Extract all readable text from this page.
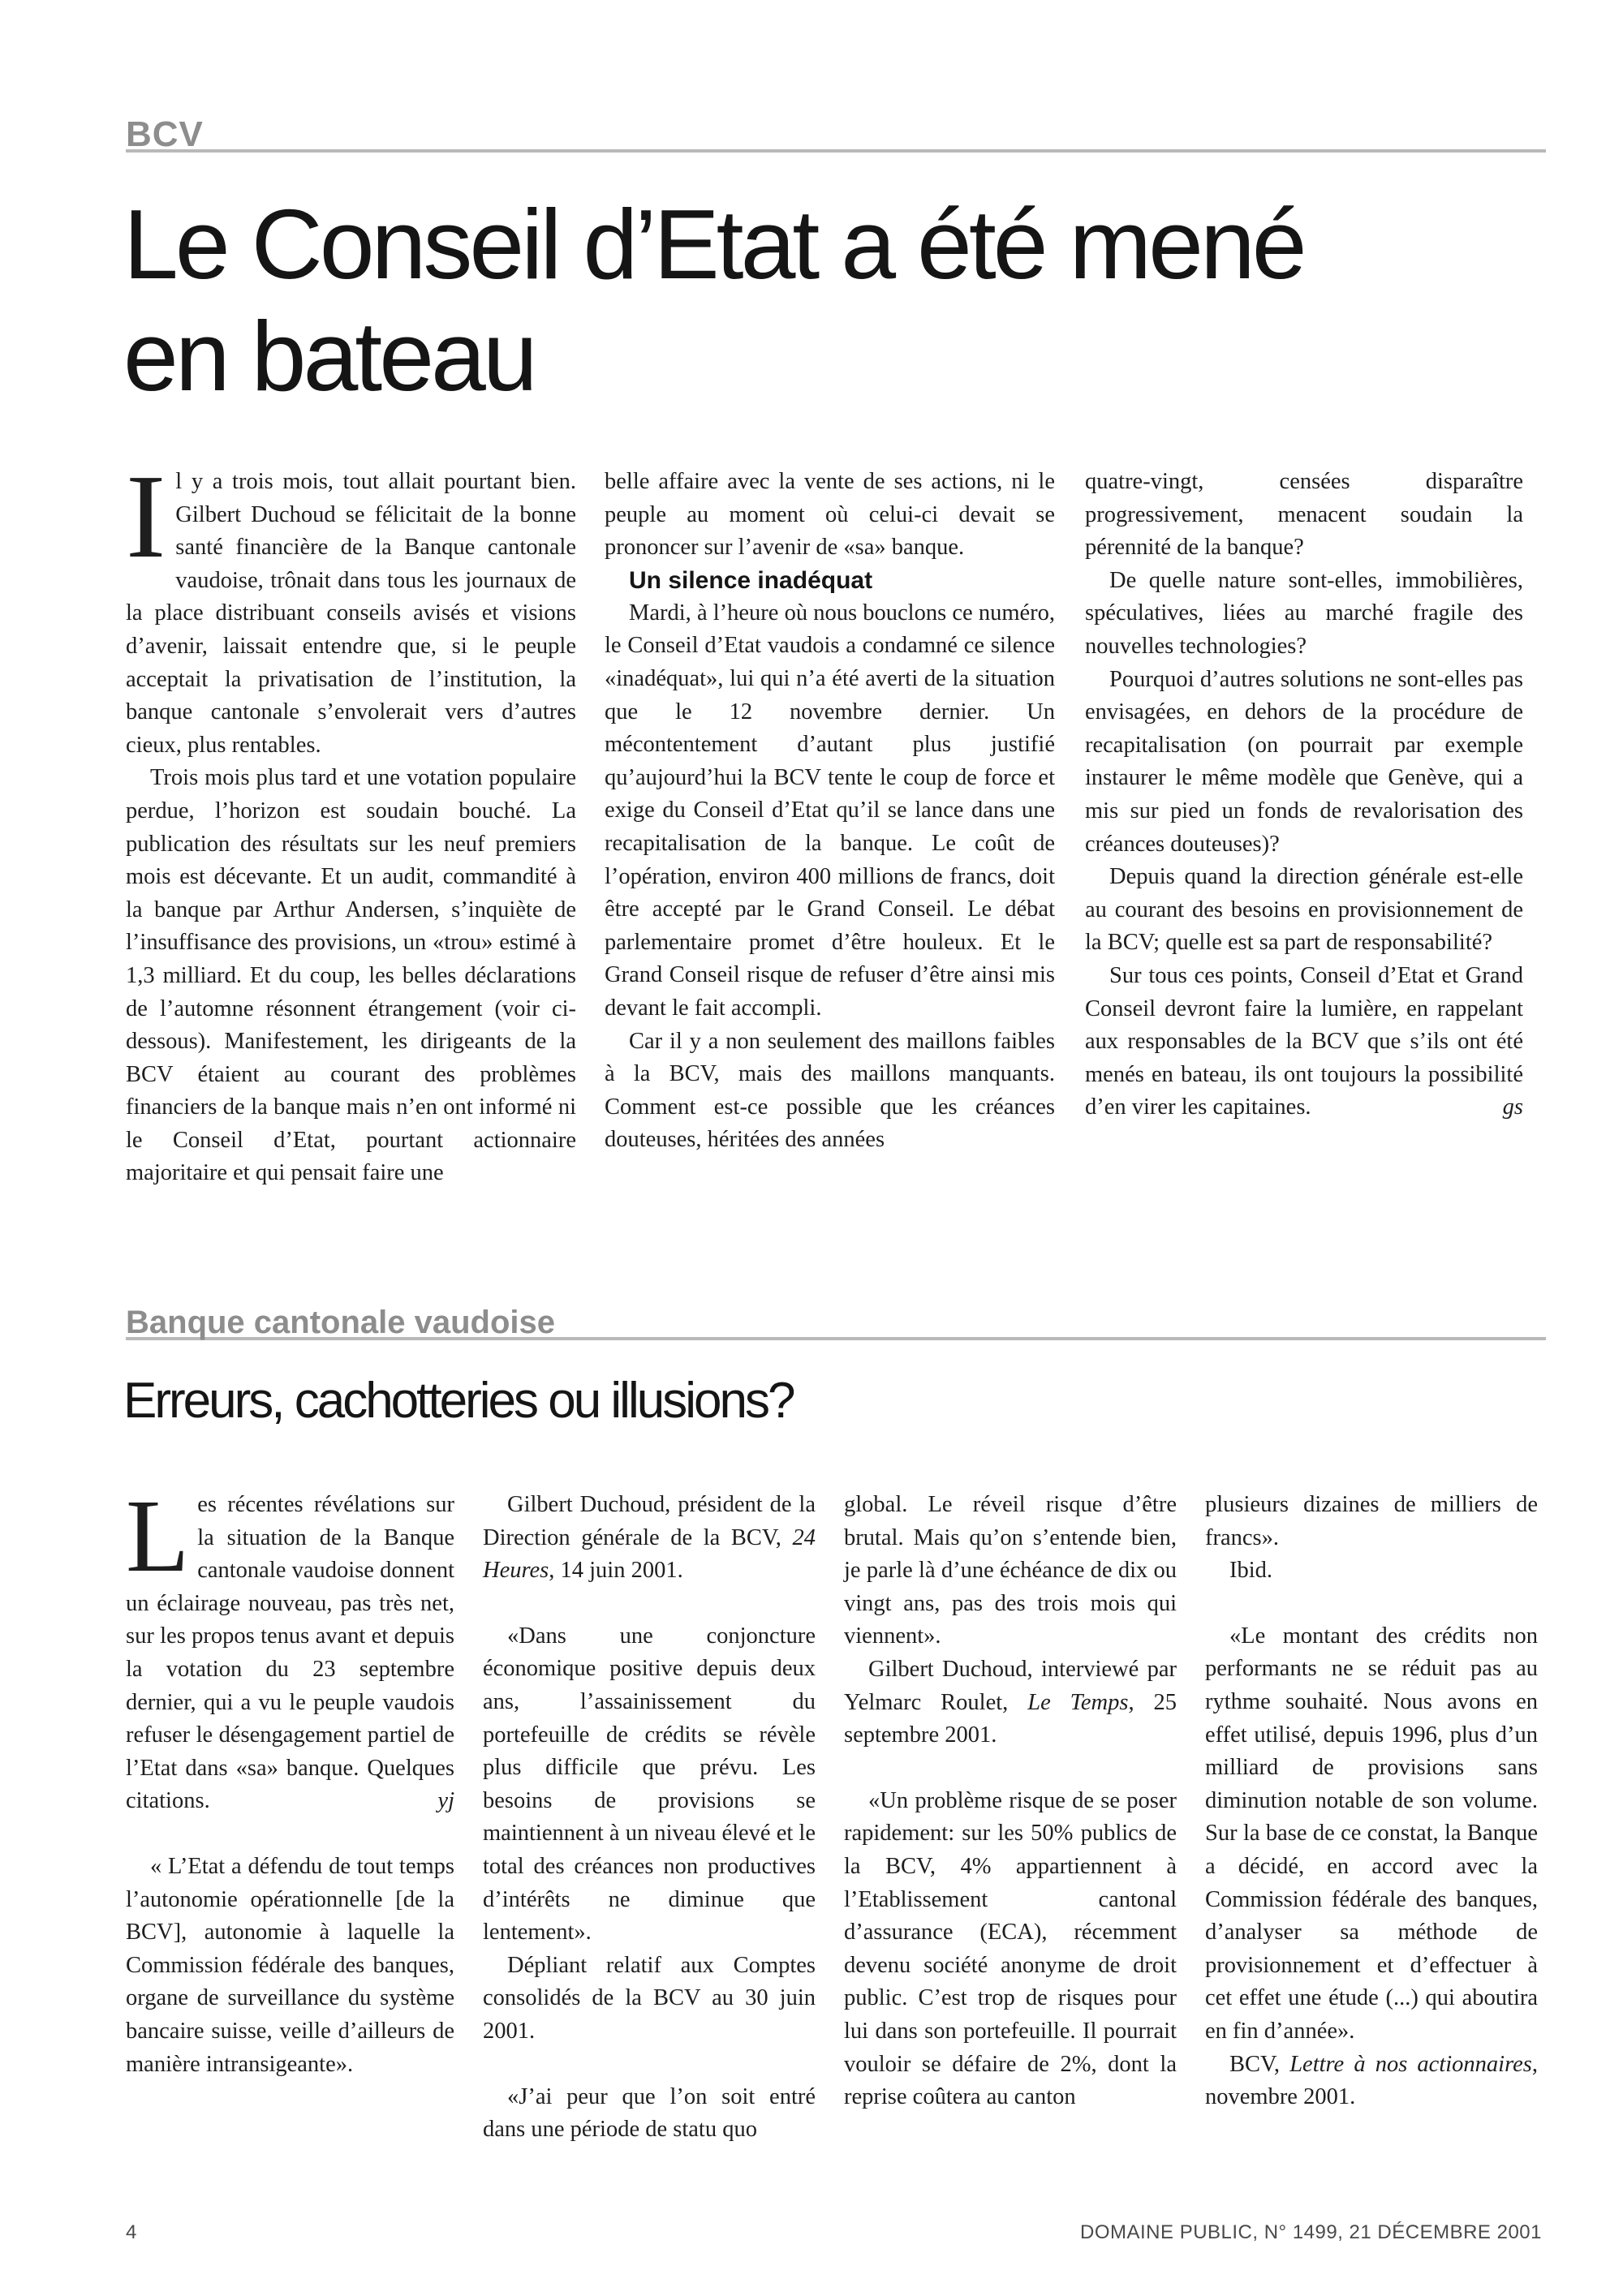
BCV
Le Conseil d’Etat a été mené
en bateau

Il y a trois mois, tout allait pourtant bien. Gilbert Duchoud se félicitait de la bonne santé financière de la Banque cantonale vaudoise, trônait dans tous les journaux de la place distribuant conseils avisés et visions d’avenir, laissait entendre que, si le peuple acceptait la privatisation de l’institution, la banque cantonale s’envolerait vers d’autres cieux, plus rentables.

Trois mois plus tard et une votation populaire perdue, l’horizon est soudain bouché. La publication des résultats sur les neuf premiers mois est décevante. Et un audit, commandité à la banque par Arthur Andersen, s’inquiète de l’insuffisance des provisions, un «trou» estimé à 1,3 milliard. Et du coup, les belles déclarations de l’automne résonnent étrangement (voir ci-dessous). Manifestement, les dirigeants de la BCV étaient au courant des problèmes financiers de la banque mais n’en ont informé ni le Conseil d’Etat, pourtant actionnaire majoritaire et qui pensait faire une

belle affaire avec la vente de ses actions, ni le peuple au moment où celui-ci devait se prononcer sur l’avenir de «sa» banque.

Un silence inadéquat

Mardi, à l’heure où nous bouclons ce numéro, le Conseil d’Etat vaudois a condamné ce silence «inadéquat», lui qui n’a été averti de la situation que le 12 novembre dernier. Un mécontentement d’autant plus justifié qu’aujourd’hui la BCV tente le coup de force et exige du Conseil d’Etat qu’il se lance dans une recapitalisation de la banque. Le coût de l’opération, environ 400 millions de francs, doit être accepté par le Grand Conseil. Le débat parlementaire promet d’être houleux. Et le Grand Conseil risque de refuser d’être ainsi mis devant le fait accompli.

Car il y a non seulement des maillons faibles à la BCV, mais des maillons manquants. Comment est-ce possible que les créances douteuses, héritées des années

quatre-vingt, censées disparaître progressivement, menacent soudain la pérennité de la banque?

De quelle nature sont-elles, immobilières, spéculatives, liées au marché fragile des nouvelles technologies?

Pourquoi d’autres solutions ne sont-elles pas envisagées, en dehors de la procédure de recapitalisation (on pourrait par exemple instaurer le même modèle que Genève, qui a mis sur pied un fonds de revalorisation des créances douteuses)?

Depuis quand la direction générale est-elle au courant des besoins en provisionnement de la BCV; quelle est sa part de responsabilité?

Sur tous ces points, Conseil d’Etat et Grand Conseil devront faire la lumière, en rappelant aux responsables de la BCV que s’ils ont été menés en bateau, ils ont toujours la possibilité d’en virer les capitaines.	gs

Banque cantonale vaudoise
Erreurs, cachotteries ou illusions?

Les récentes révélations sur la situation de la Banque cantonale vaudoise donnent un éclairage nouveau, pas très net, sur les propos tenus avant et depuis la votation du 23 septembre dernier, qui a vu le peuple vaudois refuser le désengagement partiel de l’Etat dans «sa» banque. Quelques citations.	yj

« L’Etat a défendu de tout temps l’autonomie opérationnelle [de la BCV], autonomie à laquelle la Commission fédérale des banques, organe de surveillance du système bancaire suisse, veille d’ailleurs de manière intransigeante».

Gilbert Duchoud, président de la Direction générale de la BCV, 24 Heures, 14 juin 2001.

«Dans une conjoncture économique positive depuis deux ans, l’assainissement du portefeuille de crédits se révèle plus difficile que prévu. Les besoins de provisions se maintiennent à un niveau élevé et le total des créances non productives d’intérêts ne diminue que lentement».

Dépliant relatif aux Comptes consolidés de la BCV au 30 juin 2001.

«J’ai peur que l’on soit entré dans une période de statu quo

global. Le réveil risque d’être brutal. Mais qu’on s’entende bien, je parle là d’une échéance de dix ou vingt ans, pas des trois mois qui viennent».

Gilbert Duchoud, interviewé par Yelmarc Roulet, Le Temps, 25 septembre 2001.

«Un problème risque de se poser rapidement: sur les 50% publics de la BCV, 4% appartiennent à l’Etablissement cantonal d’assurance (ECA), récemment devenu société anonyme de droit public. C’est trop de risques pour lui dans son portefeuille. Il pourrait vouloir se défaire de 2%, dont la reprise coûtera au canton

plusieurs dizaines de milliers de francs».

Ibid.

«Le montant des crédits non performants ne se réduit pas au rythme souhaité. Nous avons en effet utilisé, depuis 1996, plus d’un milliard de provisions sans diminution notable de son volume. Sur la base de ce constat, la Banque a décidé, en accord avec la Commission fédérale des banques, d’analyser sa méthode de provisionnement et d’effectuer à cet effet une étude (...) qui aboutira en fin d’année».

BCV, Lettre à nos actionnaires, novembre 2001.

4	DOMAINE PUBLIC, N° 1499, 21 DÉCEMBRE 2001
